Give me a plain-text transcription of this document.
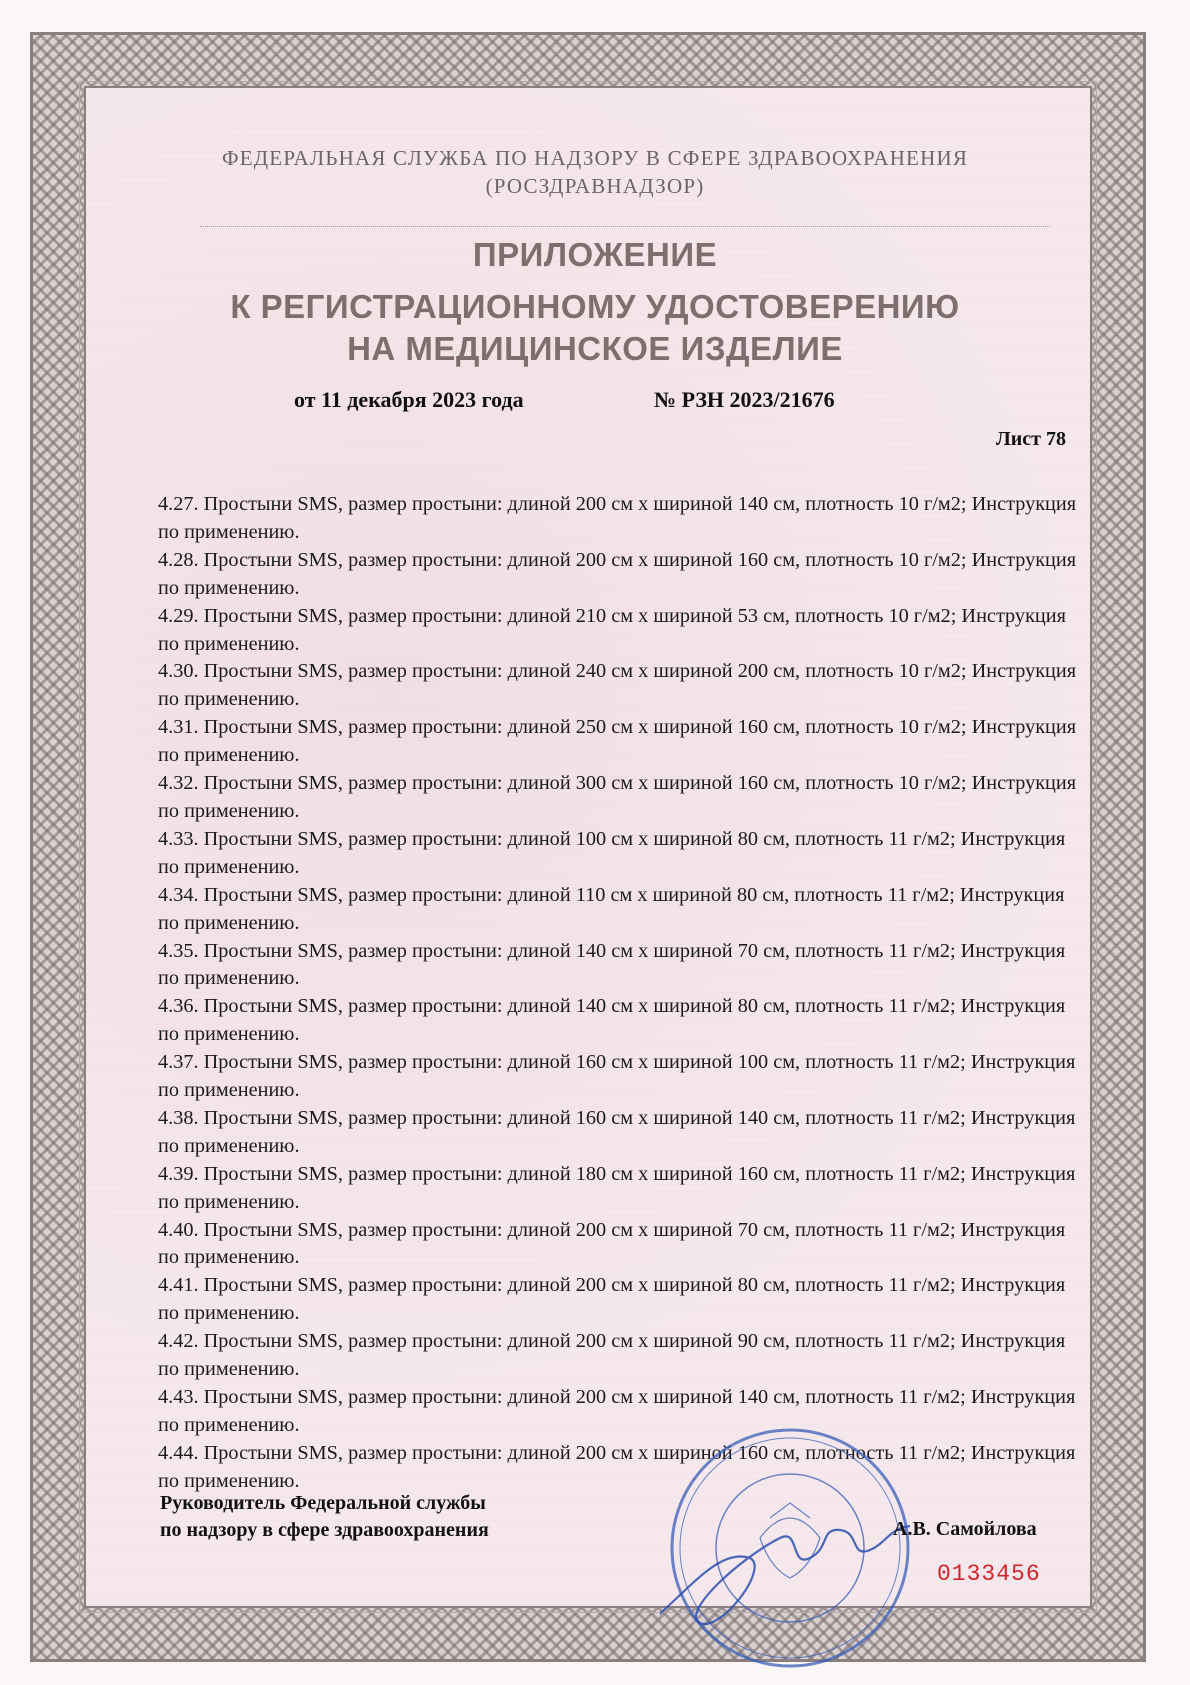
ФЕДЕРАЛЬНАЯ СЛУЖБА ПО НАДЗОРУ В СФЕРЕ ЗДРАВООХРАНЕНИЯ
(РОСЗДРАВНАДЗОР)
ПРИЛОЖЕНИЕ
К РЕГИСТРАЦИОННОМУ УДОСТОВЕРЕНИЮ
НА МЕДИЦИНСКОЕ ИЗДЕЛИЕ
от 11 декабря 2023 года	№ РЗН 2023/21676
Лист 78

4.27. Простыни SMS, размер простыни: длиной 200 см х шириной 140 см, плотность 10 г/м2; Инструкция по применению.

4.28. Простыни SMS, размер простыни: длиной 200 см х шириной 160 см, плотность 10 г/м2; Инструкция по применению.

4.29. Простыни SMS, размер простыни: длиной 210 см х шириной 53 см, плотность 10 г/м2; Инструкция по применению.

4.30. Простыни SMS, размер простыни: длиной 240 см х шириной 200 см, плотность 10 г/м2; Инструкция по применению.

4.31. Простыни SMS, размер простыни: длиной 250 см х шириной 160 см, плотность 10 г/м2; Инструкция по применению.

4.32. Простыни SMS, размер простыни: длиной 300 см х шириной 160 см, плотность 10 г/м2; Инструкция по применению.

4.33. Простыни SMS, размер простыни: длиной 100 см х шириной 80 см, плотность 11 г/м2; Инструкция по применению.

4.34. Простыни SMS, размер простыни: длиной 110 см х шириной 80 см, плотность 11 г/м2; Инструкция по применению.

4.35. Простыни SMS, размер простыни: длиной 140 см х шириной 70 см, плотность 11 г/м2; Инструкция по применению.

4.36. Простыни SMS, размер простыни: длиной 140 см х шириной 80 см, плотность 11 г/м2; Инструкция по применению.

4.37. Простыни SMS, размер простыни: длиной 160 см х шириной 100 см, плотность 11 г/м2; Инструкция по применению.

4.38. Простыни SMS, размер простыни: длиной 160 см х шириной 140 см, плотность 11 г/м2; Инструкция по применению.

4.39. Простыни SMS, размер простыни: длиной 180 см х шириной 160 см, плотность 11 г/м2; Инструкция по применению.

4.40. Простыни SMS, размер простыни: длиной 200 см х шириной 70 см, плотность 11 г/м2; Инструкция по применению.

4.41. Простыни SMS, размер простыни: длиной 200 см х шириной 80 см, плотность 11 г/м2; Инструкция по применению.

4.42. Простыни SMS, размер простыни: длиной 200 см х шириной 90 см, плотность 11 г/м2; Инструкция по применению.

4.43. Простыни SMS, размер простыни: длиной 200 см х шириной 140 см, плотность 11 г/м2; Инструкция по применению.

4.44. Простыни SMS, размер простыни: длиной 200 см х шириной 160 см, плотность 11 г/м2; Инструкция по применению.

Руководитель Федеральной службы
по надзору в сфере здравоохранения	А.В. Самойлова
0133456
